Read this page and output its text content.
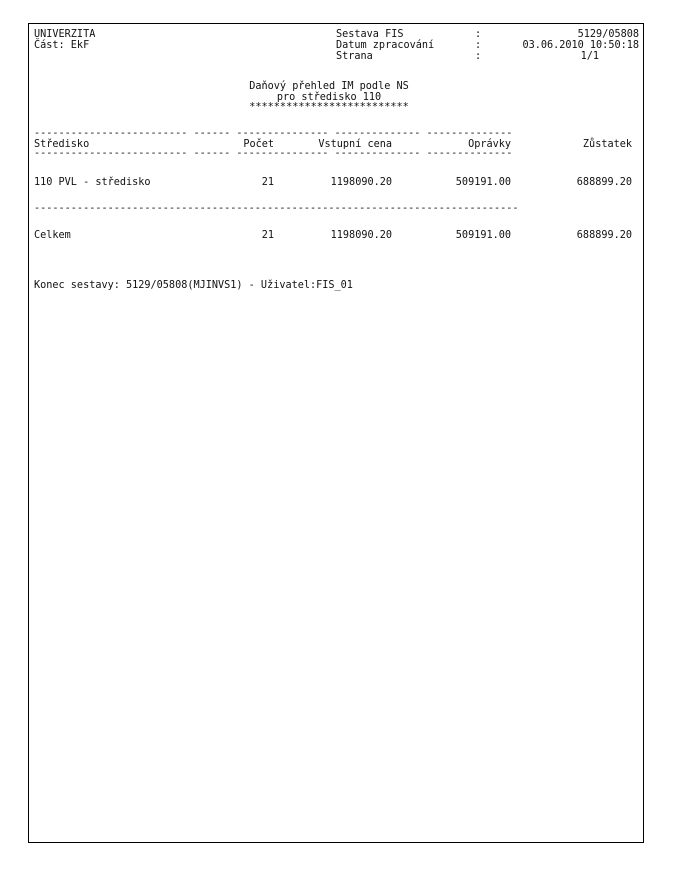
UNIVERZITA
Část: EkF
Sestava FIS	:	5129/05808
Datum zpracování	:	03.06.2010 10:50:18
Strana	:	1/1
Daňový přehled IM podle NS
pro středisko 110
**************************
------------------------- ------ --------------- -------------- --------------
Středisko	Počet	Vstupní cena	Oprávky	Zůstatek
------------------------- ------ --------------- -------------- --------------
110 PVL - středisko	21	1198090.20	509191.00	688899.20
-------------------------------------------------------------------------------
Celkem	21	1198090.20	509191.00	688899.20
Konec sestavy: 5129/05808(MJINVS1) - Uživatel:FIS_01
